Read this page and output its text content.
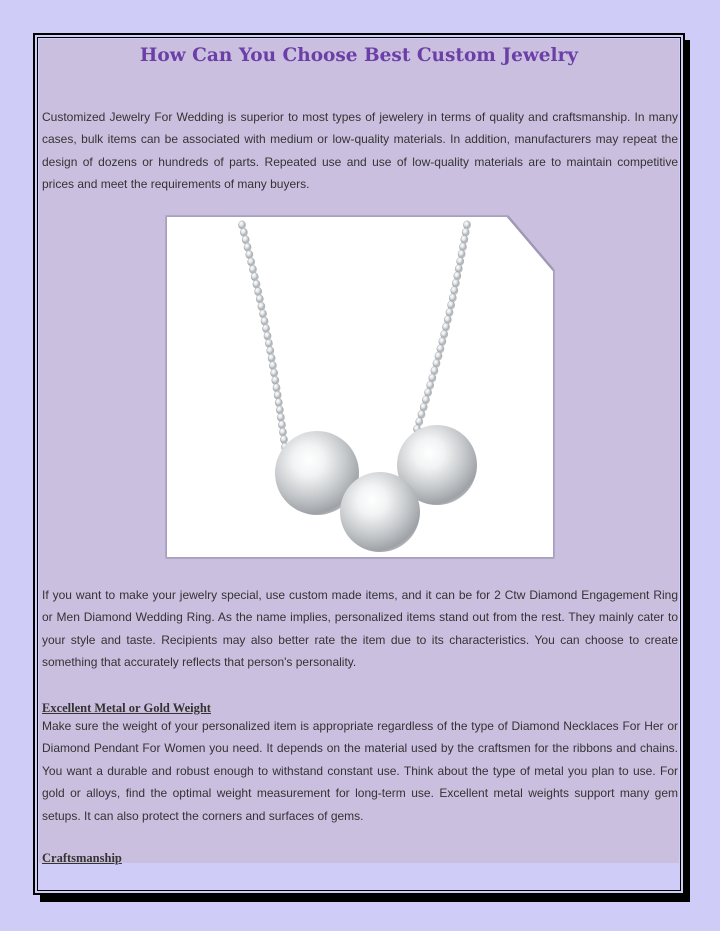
How Can You Choose Best Custom Jewelry

Customized Jewelry For Wedding is superior to most types of jewelery in terms of quality and craftsmanship. In many cases, bulk items can be associated with medium or low-quality materials. In addition, manufacturers may repeat the design of dozens or hundreds of parts. Repeated use and use of low-quality materials are to maintain competitive prices and meet the requirements of many buyers.

If you want to make your jewelry special, use custom made items, and it can be for 2 Ctw Diamond Engagement Ring or Men Diamond Wedding Ring. As the name implies, personalized items stand out from the rest. They mainly cater to your style and taste. Recipients may also better rate the item due to its characteristics. You can choose to create something that accurately reflects that person's personality.

Excellent Metal or Gold Weight

Make sure the weight of your personalized item is appropriate regardless of the type of Diamond Necklaces For Her or Diamond Pendant For Women you need. It depends on the material used by the craftsmen for the ribbons and chains. You want a durable and robust enough to withstand constant use. Think about the type of metal you plan to use. For gold or alloys, find the optimal weight measurement for long-term use. Excellent metal weights support many gem setups. It can also protect the corners and surfaces of gems.

Craftsmanship
